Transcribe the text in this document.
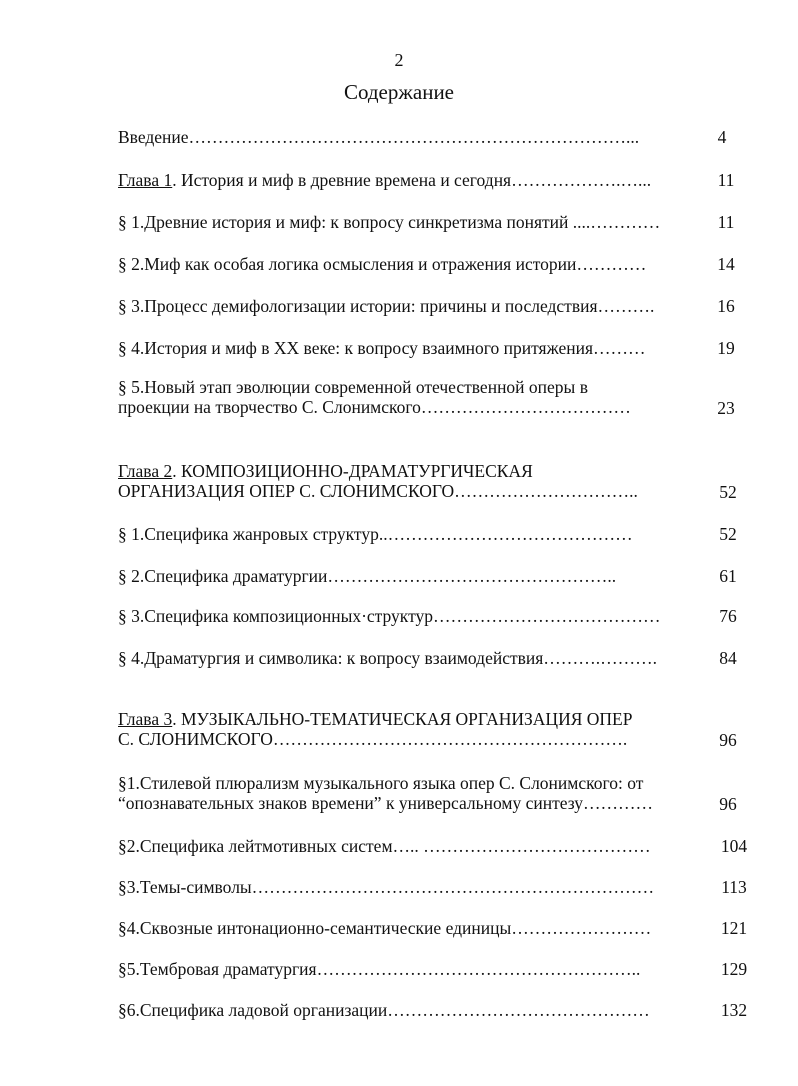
2
Содержание
Введение…………………………………………………………………...	4
Глава 1. История и миф в древние времена и сегодня……………….…...	11
§ 1.Древние история и миф: к вопросу синкретизма понятий ....…………	11
§ 2.Миф как особая логика осмысления и отражения истории…………	14
§ 3.Процесс демифологизации истории: причины и последствия……….	16
§ 4.История и миф в XX веке: к вопросу взаимного притяжения………	19
§ 5.Новый этап эволюции современной отечественной оперы в
проекции на творчество С. Слонимского………………………………	23
Глава 2. КОМПОЗИЦИОННО-ДРАМАТУРГИЧЕСКАЯ
ОРГАНИЗАЦИЯ ОПЕР С. СЛОНИМСКОГО…………………………..	52
§ 1.Специфика жанровых структур..……………………………………	52
§ 2.Специфика драматургии…………………………………………..	61
§ 3.Специфика композиционных·структур…………………………………	76
§ 4.Драматургия и символика: к вопросу взаимодействия……….……….	84
Глава 3. МУЗЫКАЛЬНО-ТЕМАТИЧЕСКАЯ ОРГАНИЗАЦИЯ ОПЕР
С. СЛОНИМСКОГО…………………………………………………….	96
§1.Стилевой плюрализм музыкального языка опер С. Слонимского: от
“опознавательных знаков времени” к универсальному синтезу…………	96
§2.Специфика лейтмотивных систем….. …………………………………	104
§3.Темы-символы……………………………………………………………	113
§4.Сквозные интонационно-семантические единицы……………………	121
§5.Тембровая драматургия………………………………………………..	129
§6.Специфика ладовой организации………………………………………	132
